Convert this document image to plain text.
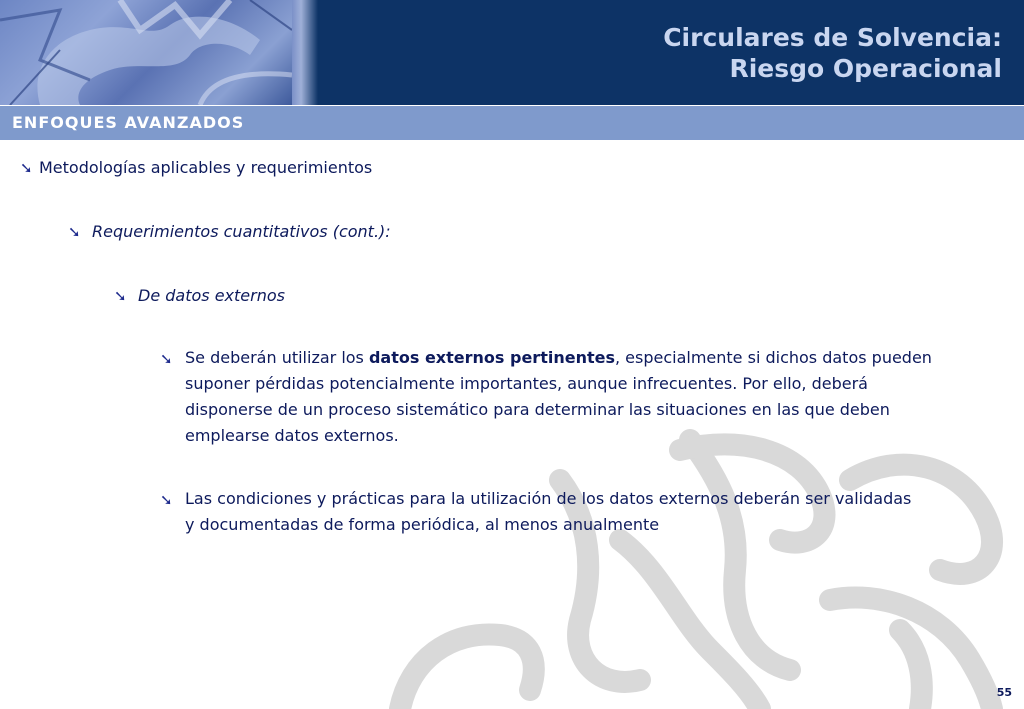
Circulares de Solvencia:
Riesgo Operacional
ENFOQUES AVANZADOS
➘ Metodologías aplicables y requerimientos
➘ Requerimientos cuantitativos (cont.):
➘ De datos externos
➘ Se deberán utilizar los datos externos pertinentes, especialmente si dichos datos pueden suponer pérdidas potencialmente importantes, aunque infrecuentes. Por ello, deberá disponerse de un proceso sistemático para determinar las situaciones en las que deben emplearse datos externos.
➘ Las condiciones y prácticas para la utilización de los datos externos deberán ser validadas y documentadas de forma periódica, al menos anualmente
55
